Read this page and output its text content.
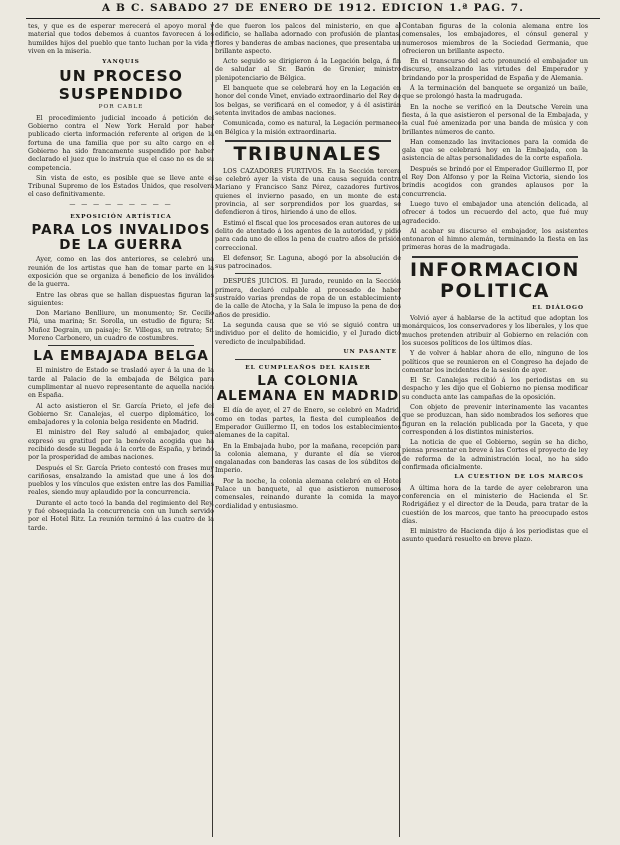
A B C. SABADO 27 DE ENERO DE 1912. EDICION 1.ª PAG. 7.

tes, y que es de esperar merecerá el apoyo moral y material que todos debemos á cuantos favorecen á los humildes hijos del pueblo que tanto luchan por la vida y viven en la miseria.

YANQUIS
UN PROCESO
SUSPENDIDO
POR CABLE

El procedimiento judicial incoado á petición del Gobierno contra el New York Herald por haber publicado cierta información referente al origen de la fortuna de una familia que por su alto cargo en el Gobierno ha sido francamente suspendido por haber declarado el juez que lo instruía que el caso no es de su competencia.

Sin vista de esto, es posible que se lleve ante el Tribunal Supremo de los Estados Unidos, que resolverá el caso definitivamente.

— — — — — — — — —
EXPOSICIÓN ARTÍSTICA
PARA LOS INVALIDOS DE LA GUERRA

Ayer, como en las dos anteriores, se celebró una reunión de los artistas que han de tomar parte en la exposición que se organiza á beneficio de los inválidos de la guerra.

Entre las obras que se hallan dispuestas figuran las siguientes:

Don Mariano Benlliure, un monumento; Sr. Cecilio Plá, una marina; Sr. Sorolla, un estudio de figura; Sr. Muñoz Degrain, un paisaje; Sr. Villegas, un retrato; Sr. Moreno Carbonero, un cuadro de costumbres.

LA EMBAJADA BELGA

El ministro de Estado se trasladó ayer á la una de la tarde al Palacio de la embajada de Bélgica para cumplimentar al nuevo representante de aquella nación en España.

Al acto asistieron el Sr. García Prieto, el jefe del Gobierno Sr. Canalejas, el cuerpo diplomático, los embajadores y la colonia belga residente en Madrid.

El ministro del Rey saludó al embajador, quien expresó su gratitud por la benévola acogida que ha recibido desde su llegada á la corte de España, y brindó por la prosperidad de ambas naciones.

Después el Sr. García Prieto contestó con frases muy cariñosas, ensalzando la amistad que une á los dos pueblos y los vínculos que existen entre las dos Familias reales, siendo muy aplaudido por la concurrencia.

Durante el acto tocó la banda del regimiento del Rey, y fué obsequiada la concurrencia con un lunch servido por el Hotel Ritz. La reunión terminó á las cuatro de la tarde.

de que fueron los palcos del ministerio, en que al edificio, se hallaba adornado con profusión de plantas, flores y banderas de ambas naciones, que presentaba un brillante aspecto.

Acto seguido se dirigieron á la Legación belga, á fin de saludar al Sr. Barón de Grenier, ministro plenipotenciario de Bélgica.

El banquete que se celebrará hoy en la Legación en honor del conde Vinet, enviado extraordinario del Rey de los belgas, se verificará en el comedor, y á él asistirán setenta invitados de ambas naciones.

Comunicada, como es natural, la Legación permanece en Bélgica y la misión extraordinaria.

TRIBUNALES

LOS CAZADORES FURTIVOS. En la Sección tercera se celebró ayer la vista de una causa seguida contra Mariano y Francisco Sanz Pérez, cazadores furtivos, quienes el invierno pasado, en un monte de esta provincia, al ser sorprendidos por los guardas, se defendieron á tiros, hiriendo á uno de ellos.

Estimó el fiscal que los procesados eran autores de un delito de atentado á los agentes de la autoridad, y pidió para cada uno de ellos la pena de cuatro años de prisión correccional.

El defensor, Sr. Laguna, abogó por la absolución de sus patrocinados.

DESPUÉS JUICIOS. El Jurado, reunido en la Sección primera, declaró culpable al procesado de haber sustraído varias prendas de ropa de un establecimiento de la calle de Atocha, y la Sala le impuso la pena de dos años de presidio.

La segunda causa que se vió se siguió contra un individuo por el delito de homicidio, y el Jurado dictó veredicto de inculpabilidad.

UN PASANTE
EL CUMPLEAÑOS DEL KAISER
LA COLONIA ALEMANA EN MADRID

El día de ayer, el 27 de Enero, se celebró en Madrid, como en todas partes, la fiesta del cumpleaños del Emperador Guillermo II, en todos los establecimientos alemanes de la capital.

En la Embajada hubo, por la mañana, recepción para la colonia alemana, y durante el día se vieron engalanadas con banderas las casas de los súbditos del Imperio.

Por la noche, la colonia alemana celebró en el Hotel Palace un banquete, al que asistieron numerosos comensales, reinando durante la comida la mayor cordialidad y entusiasmo.

Contaban figuras de la colonia alemana entre los comensales, los embajadores, el cónsul general y numerosos miembros de la Sociedad Germania, que ofrecieron un brillante aspecto.

En el transcurso del acto pronunció el embajador un discurso, ensalzando las virtudes del Emperador y brindando por la prosperidad de España y de Alemania.

Á la terminación del banquete se organizó un baile, que se prolongó hasta la madrugada.

En la noche se verificó en la Deutsche Verein una fiesta, á la que asistieron el personal de la Embajada, y la cual fué amenizada por una banda de música y con brillantes números de canto.

Han comenzado las invitaciones para la comida de gala que se celebrará hoy en la Embajada, con la asistencia de altas personalidades de la corte española.

Después se brindó por el Emperador Guillermo II, por el Rey Don Alfonso y por la Reina Victoria, siendo los brindis acogidos con grandes aplausos por la concurrencia.

Luego tuvo el embajador una atención delicada, al ofrecer á todos un recuerdo del acto, que fué muy agradecido.

Al acabar su discurso el embajador, los asistentes entonaron el himno alemán, terminando la fiesta en las primeras horas de la madrugada.

INFORMACION POLITICA
EL DIÁLOGO

Volvió ayer á hablarse de la actitud que adoptan los monárquicos, los conservadores y los liberales, y los que muchos pretenden atribuir al Gobierno en relación con los sucesos políticos de los últimos días.

Y de volver á hablar ahora de ello, ninguno de los políticos que se reunieron en el Congreso ha dejado de comentar los incidentes de la sesión de ayer.

El Sr. Canalejas recibió á los periodistas en su despacho y les dijo que el Gobierno no piensa modificar su conducta ante las campañas de la oposición.

Con objeto de prevenir interinamente las vacantes que se produzcan, han sido nombrados los señores que figuran en la relación publicada por la Gaceta, y que corresponden á los distintos ministerios.

La noticia de que el Gobierno, según se ha dicho, piensa presentar en breve á las Cortes el proyecto de ley de reforma de la administración local, no ha sido confirmada oficialmente.

LA CUESTION DE LOS MARCOS

A última hora de la tarde de ayer celebraron una conferencia en el ministerio de Hacienda el Sr. Rodrigáñez y el director de la Deuda, para tratar de la cuestión de los marcos, que tanto ha preocupado estos días.

El ministro de Hacienda dijo á los periodistas que el asunto quedará resuelto en breve plazo.
